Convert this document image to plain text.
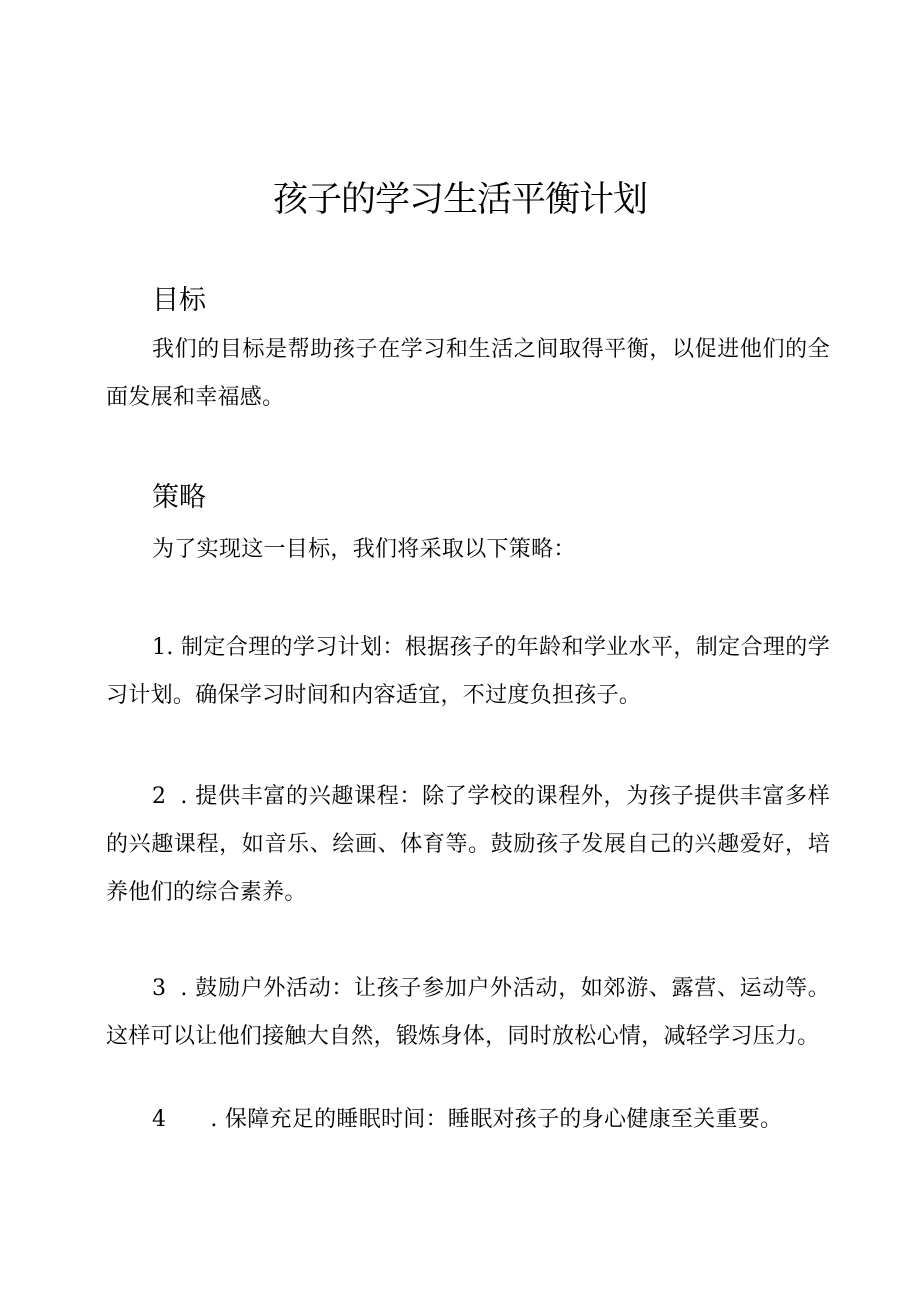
孩子的学习生活平衡计划
目标

我们的目标是帮助孩子在学习和生活之间取得平衡，以促进他们的全面发展和幸福感。

策略

为了实现这一目标，我们将采取以下策略：

1. 制定合理的学习计划：根据孩子的年龄和学业水平，制定合理的学习计划。确保学习时间和内容适宜，不过度负担孩子。

2 . 提供丰富的兴趣课程：除了学校的课程外，为孩子提供丰富多样的兴趣课程，如音乐、绘画、体育等。鼓励孩子发展自己的兴趣爱好，培养他们的综合素养。

3 . 鼓励户外活动：让孩子参加户外活动，如郊游、露营、运动等。这样可以让他们接触大自然，锻炼身体，同时放松心情，减轻学习压力。

4 . 保障充足的睡眠时间：睡眠对孩子的身心健康至关重要。
